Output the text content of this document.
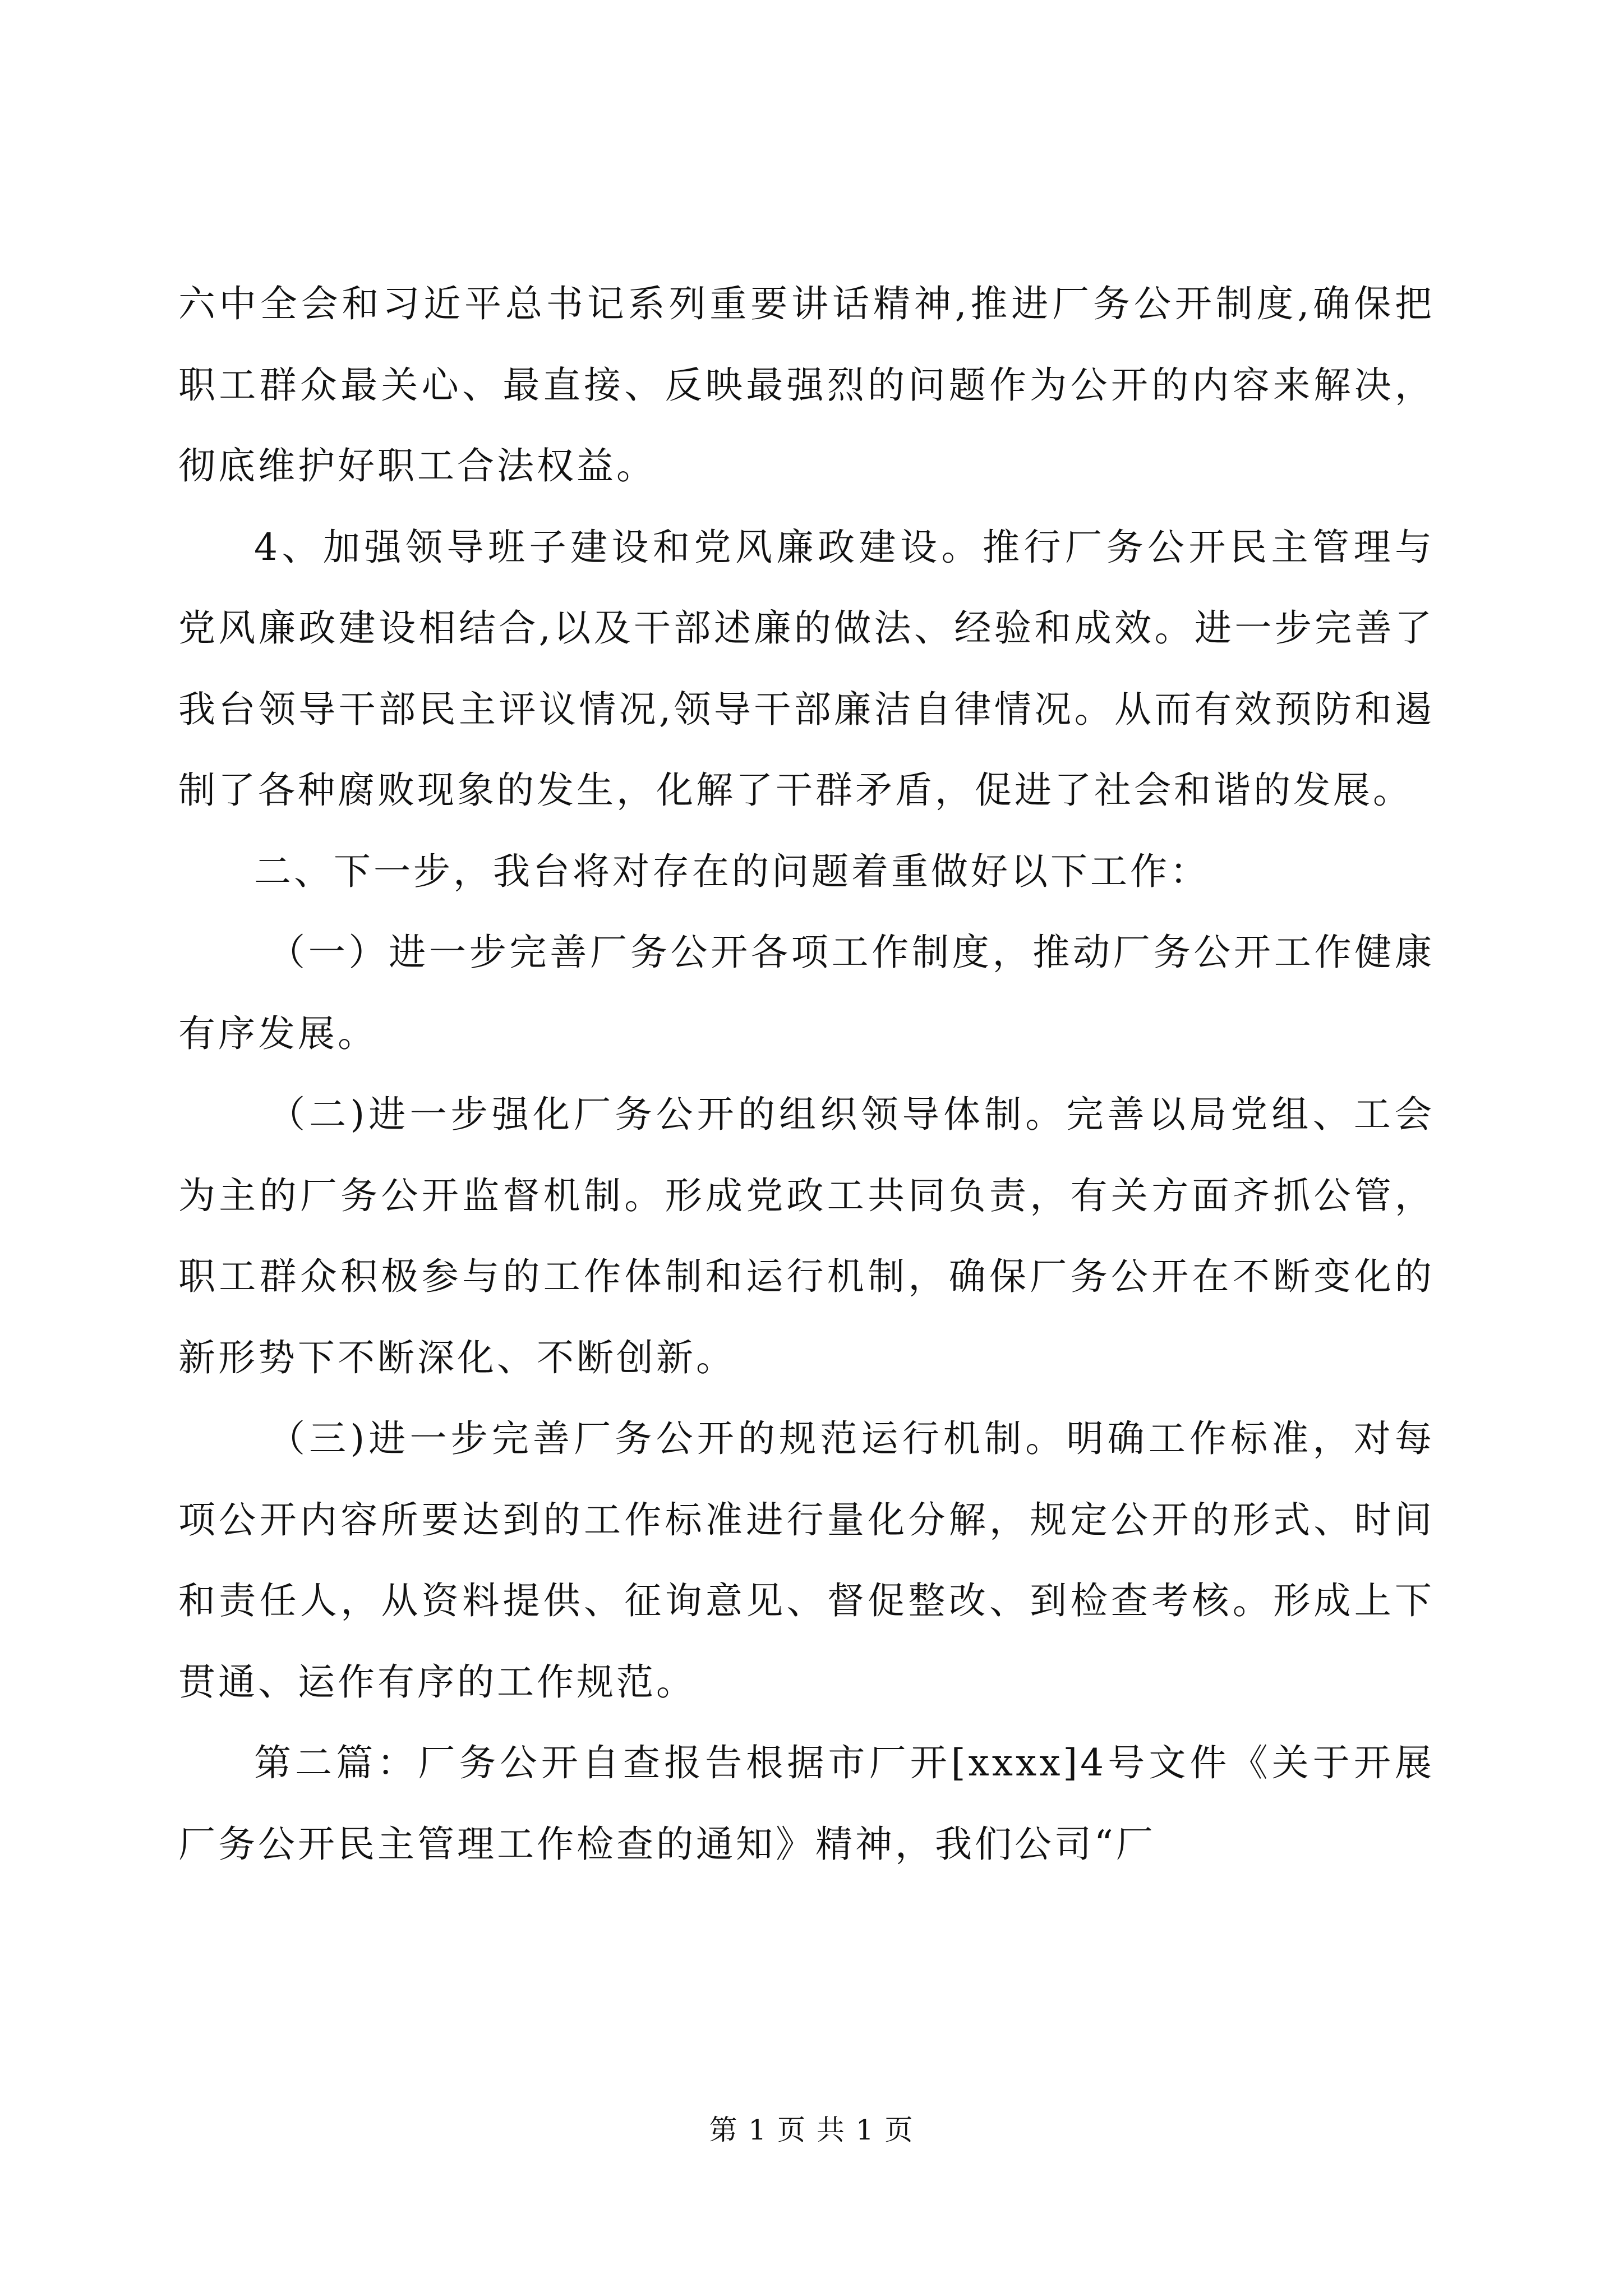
六中全会和习近平总书记系列重要讲话精神,推进厂务公开制度,确保把职工群众最关心、最直接、反映最强烈的问题作为公开的内容来解决，彻底维护好职工合法权益。

4、加强领导班子建设和党风廉政建设。推行厂务公开民主管理与党风廉政建设相结合,以及干部述廉的做法、经验和成效。进一步完善了我台领导干部民主评议情况,领导干部廉洁自律情况。从而有效预防和遏制了各种腐败现象的发生，化解了干群矛盾，促进了社会和谐的发展。

二、下一步，我台将对存在的问题着重做好以下工作：

（一）进一步完善厂务公开各项工作制度，推动厂务公开工作健康有序发展。

（二)进一步强化厂务公开的组织领导体制。完善以局党组、工会为主的厂务公开监督机制。形成党政工共同负责，有关方面齐抓公管，职工群众积极参与的工作体制和运行机制，确保厂务公开在不断变化的新形势下不断深化、不断创新。

（三)进一步完善厂务公开的规范运行机制。明确工作标准，对每项公开内容所要达到的工作标准进行量化分解，规定公开的形式、时间和责任人，从资料提供、征询意见、督促整改、到检查考核。形成上下贯通、运作有序的工作规范。

第二篇：厂务公开自查报告根据市厂开[xxxx]4号文件《关于开展厂务公开民主管理工作检查的通知》精神，我们公司“厂

第 1 页 共 1 页
